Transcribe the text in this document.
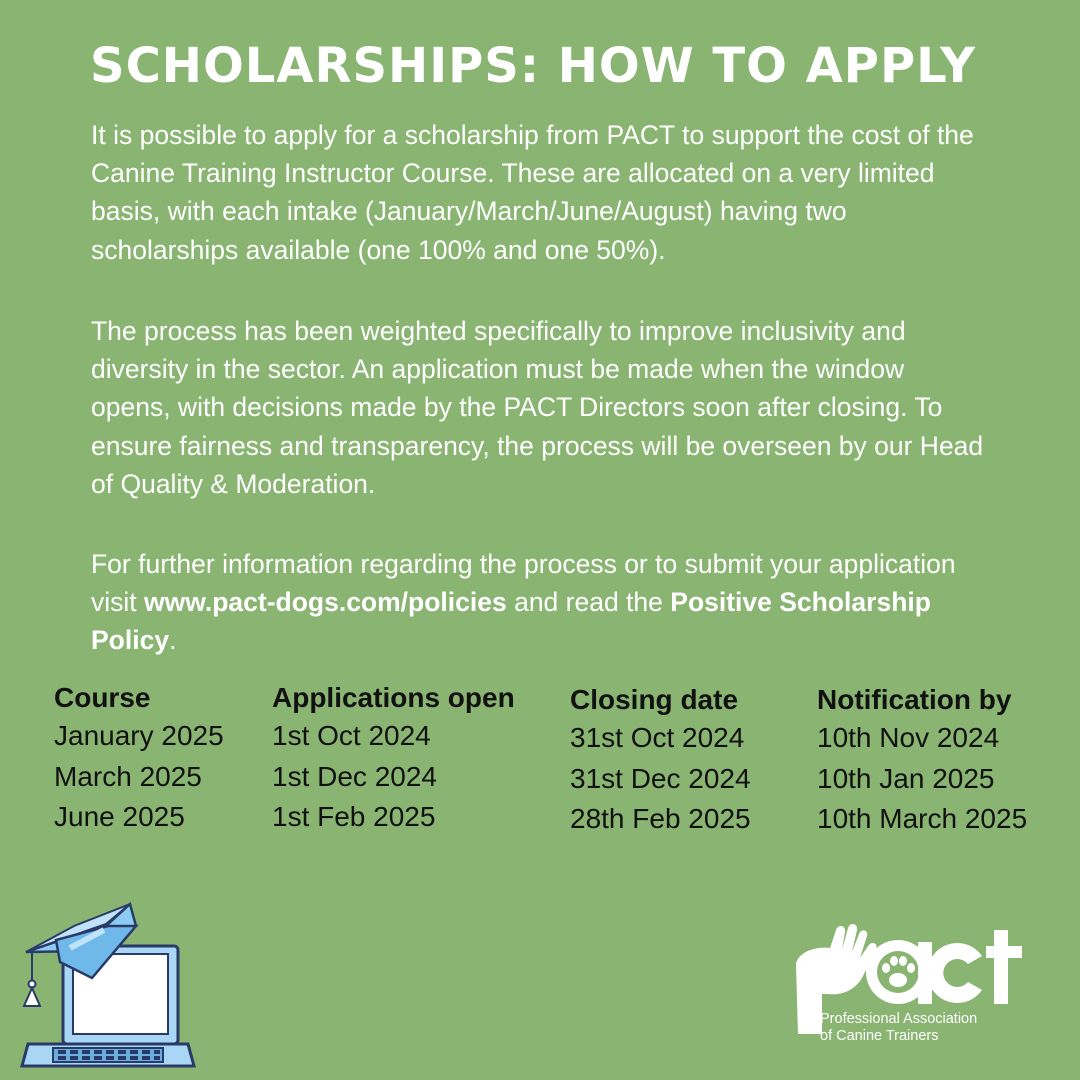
SCHOLARSHIPS: HOW TO APPLY

It is possible to apply for a scholarship from PACT to support the cost of the Canine Training Instructor Course. These are allocated on a very limited basis, with each intake (January/March/June/August) having two scholarships available (one 100% and one 50%).

The process has been weighted specifically to improve inclusivity and diversity in the sector. An application must be made when the window opens, with decisions made by the PACT Directors soon after closing. To ensure fairness and transparency, the process will be overseen by our Head of Quality & Moderation.

For further information regarding the process or to submit your application visit www.pact-dogs.com/policies and read the Positive Scholarship Policy.

Course
January 2025
March 2025
June 2025
Applications open
1st Oct 2024
1st Dec 2024
1st Feb 2025
Closing date
31st Oct 2024
31st Dec 2024
28th Feb 2025
Notification by
10th Nov 2024
10th Jan 2025
10th March 2025
Professional Association
of Canine Trainers
